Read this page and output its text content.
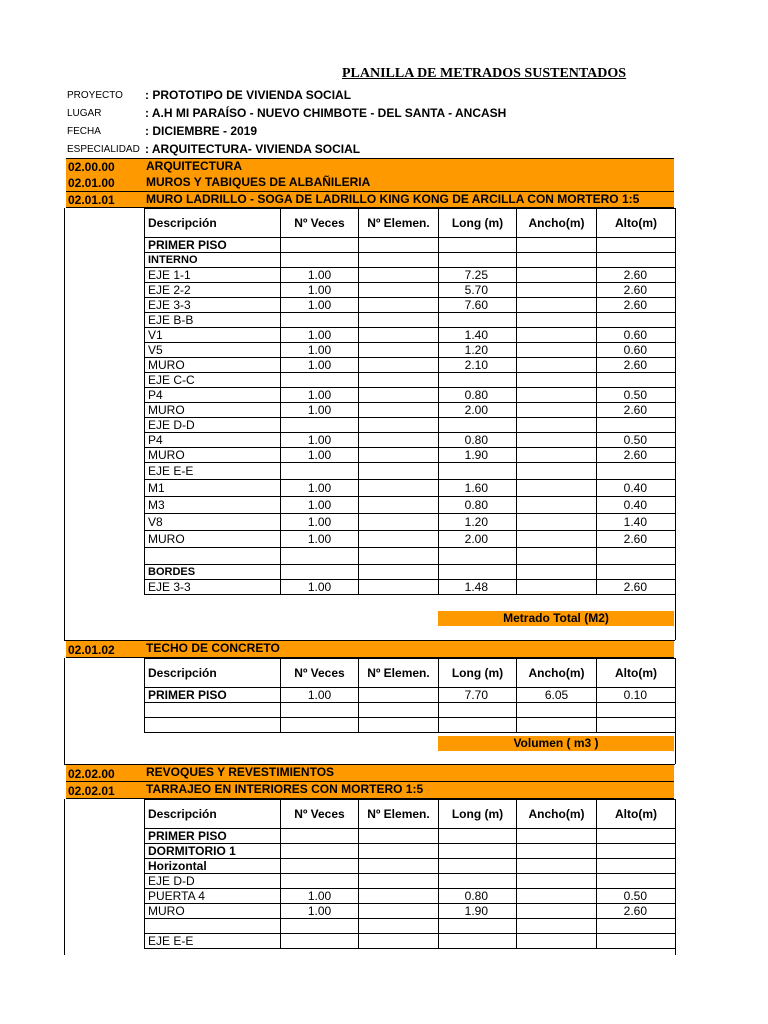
PLANILLA DE METRADOS SUSTENTADOS
PROYECTO : PROTOTIPO DE VIVIENDA SOCIAL
LUGAR	: A.H MI PARAÍSO - NUEVO CHIMBOTE - DEL SANTA - ANCASH
FECHA	: DICIEMBRE - 2019
ESPECIALIDAD : ARQUITECTURA- VIVIENDA SOCIAL
02.00.00	ARQUITECTURA
02.01.00	MUROS Y TABIQUES DE ALBAÑILERIA
02.01.01	MURO LADRILLO - SOGA DE LADRILLO KING KONG DE ARCILLA CON MORTERO 1:5
Descripción	Nº Veces	Nº Elemen.	Long (m)	Ancho(m)	Alto(m)
PRIMER PISO					
INTERNO					
EJE 1-1	1.00		7.25		2.60
EJE 2-2	1.00		5.70		2.60
EJE 3-3	1.00		7.60		2.60
EJE B-B					
V1	1.00		1.40		0.60
V5	1.00		1.20		0.60
MURO	1.00		2.10		2.60
EJE C-C					
P4	1.00		0.80		0.50
MURO	1.00		2.00		2.60
EJE D-D					
P4	1.00		0.80		0.50
MURO	1.00		1.90		2.60
EJE E-E					
M1	1.00		1.60		0.40
M3	1.00		0.80		0.40
V8	1.00		1.20		1.40
MURO	1.00		2.00		2.60

BORDES					
EJE 3-3	1.00		1.48		2.60
Metrado Total (M2)
02.01.02	TECHO DE CONCRETO
Descripción	Nº Veces	Nº Elemen.	Long (m)	Ancho(m)	Alto(m)
PRIMER PISO	1.00		7.70	6.05	0.10

Volumen ( m3 )
02.02.00	REVOQUES Y REVESTIMIENTOS
02.02.01	TARRAJEO EN INTERIORES CON MORTERO 1:5
Descripción	Nº Veces	Nº Elemen.	Long (m)	Ancho(m)	Alto(m)
PRIMER PISO					
DORMITORIO 1					
Horizontal					
EJE D-D					
PUERTA 4	1.00		0.80		0.50
MURO	1.00		1.90		2.60

EJE E-E					
